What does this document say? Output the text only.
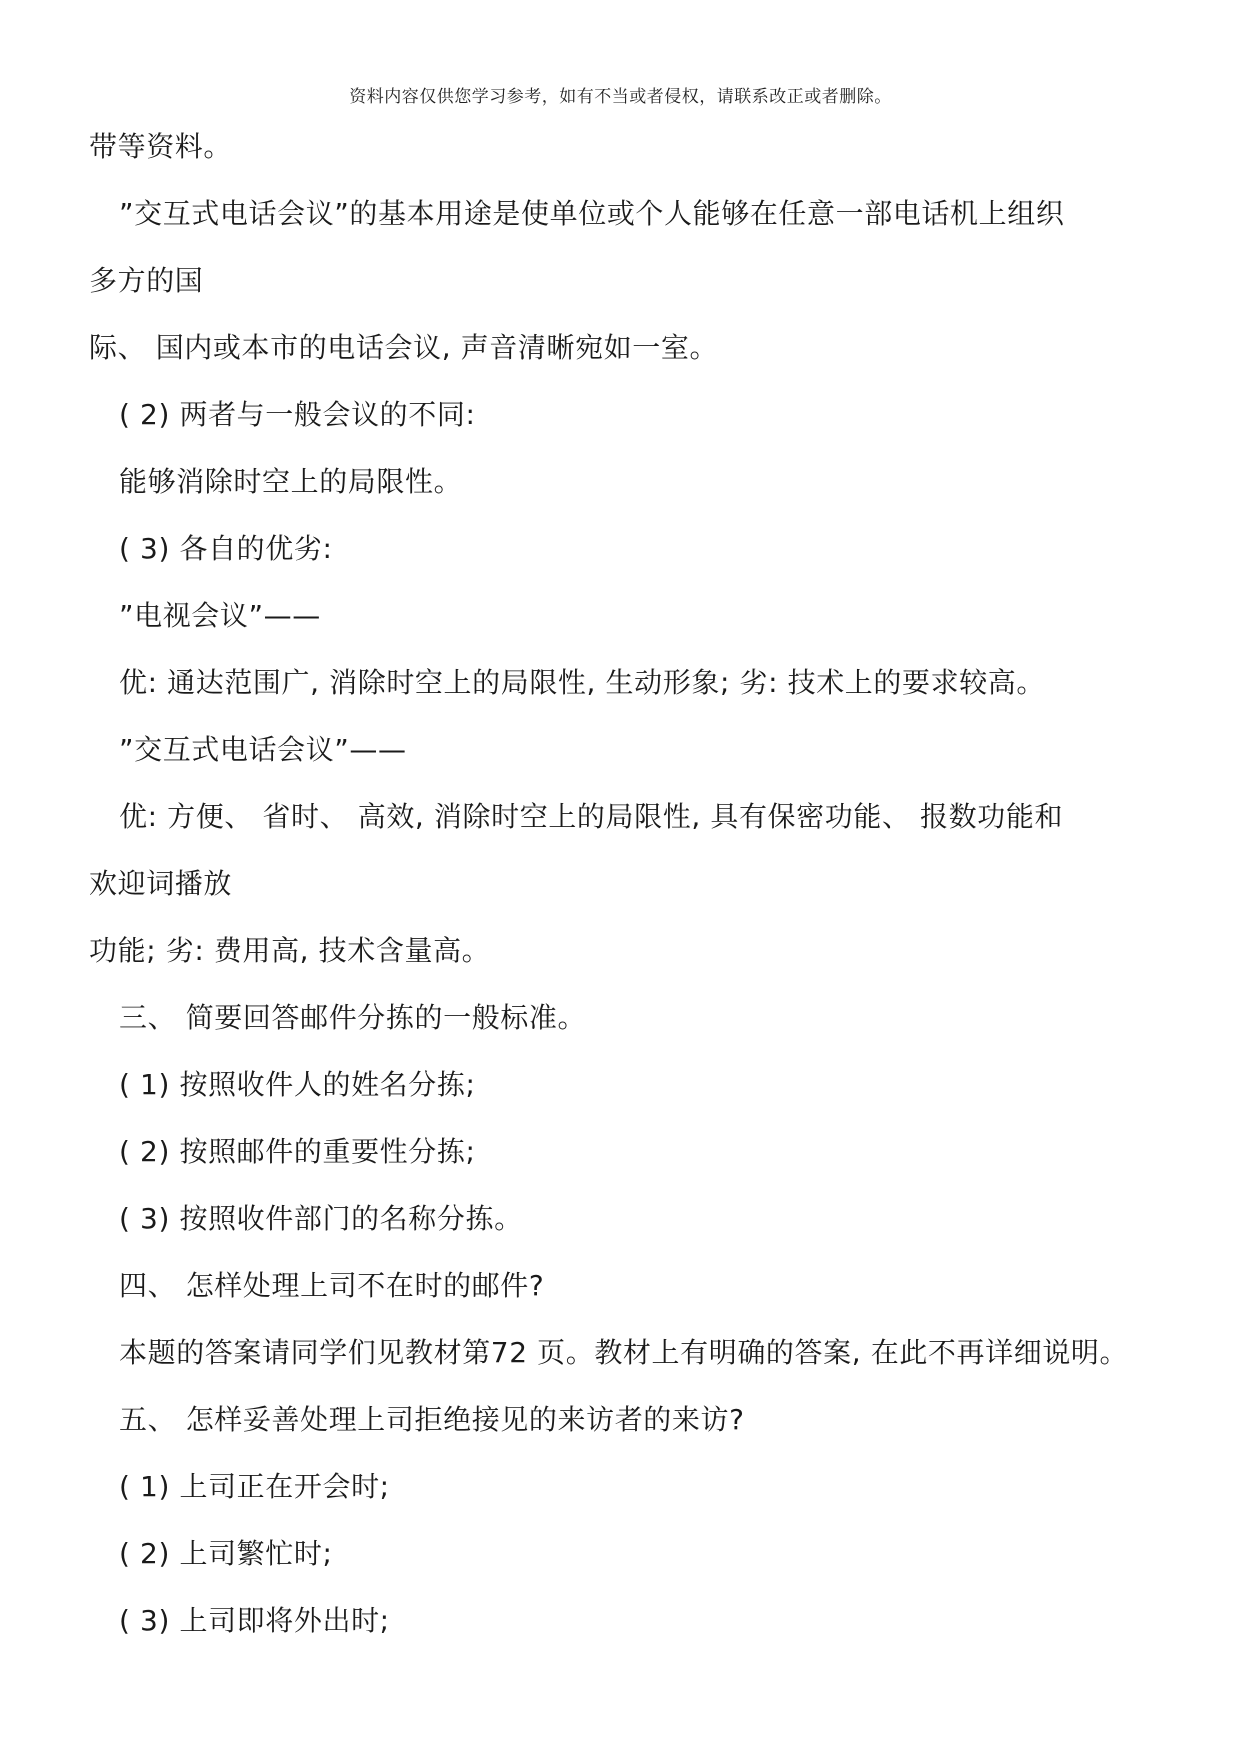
资料内容仅供您学习参考，如有不当或者侵权，请联系改正或者删除。
带等资料。
”交互式电话会议”的基本用途是使单位或个人能够在任意一部电话机上组织
多方的国
际、 国内或本市的电话会议, 声音清晰宛如一室。
( 2) 两者与一般会议的不同:
能够消除时空上的局限性。
( 3) 各自的优劣:
”电视会议”——
优: 通达范围广, 消除时空上的局限性, 生动形象; 劣: 技术上的要求较高。
”交互式电话会议”——
优: 方便、 省时、 高效, 消除时空上的局限性, 具有保密功能、 报数功能和
欢迎词播放
功能; 劣: 费用高, 技术含量高。
三、 简要回答邮件分拣的一般标准。
( 1) 按照收件人的姓名分拣;
( 2) 按照邮件的重要性分拣;
( 3) 按照收件部门的名称分拣。
四、 怎样处理上司不在时的邮件?
本题的答案请同学们见教材第72 页。教材上有明确的答案, 在此不再详细说明。
五、 怎样妥善处理上司拒绝接见的来访者的来访?
( 1) 上司正在开会时;
( 2) 上司繁忙时;
( 3) 上司即将外出时;
